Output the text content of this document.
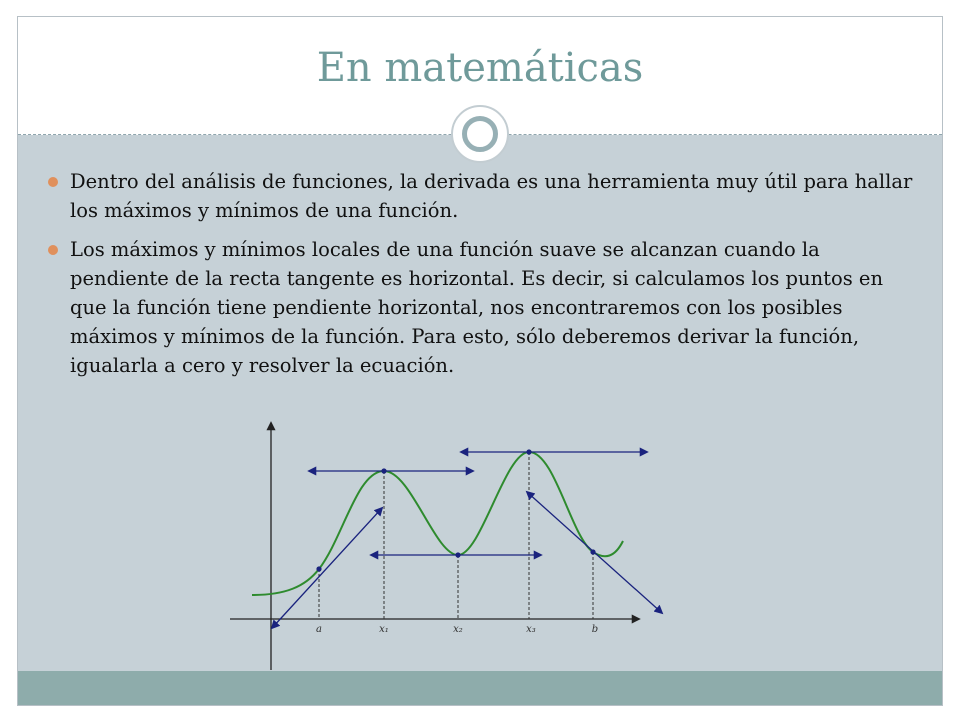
En matemáticas
Dentro del análisis de funciones, la derivada es una herramienta muy útil para hallar los máximos y mínimos de una función.
Los máximos y mínimos locales de una función suave se alcanzan cuando la pendiente de la recta tangente es horizontal. Es decir, si calculamos los puntos en que la función tiene pendiente horizontal, nos encontraremos con los posibles máximos y mínimos de la función. Para esto, sólo deberemos derivar la función, igualarla a cero y resolver la ecuación.
a	x₁	x₂	x₃	b
